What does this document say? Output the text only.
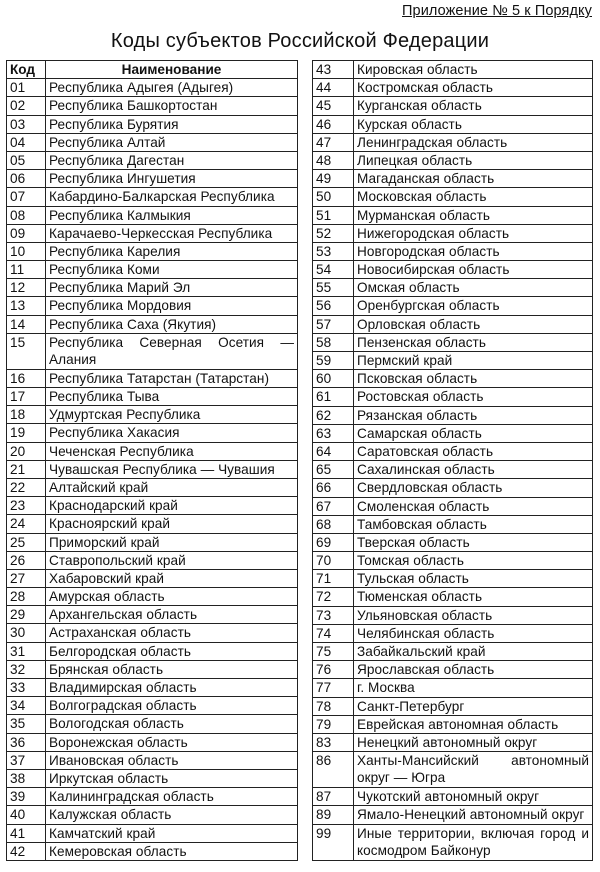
Приложение № 5 к Порядку
Коды субъектов Российской Федерации
Код	Наименование
01	Республика Адыгея (Адыгея)
02	Республика Башкортостан
03	Республика Бурятия
04	Республика Алтай
05	Республика Дагестан
06	Республика Ингушетия
07	Кабардино-Балкарская Республика
08	Республика Калмыкия
09	Карачаево-Черкесская Республика
10	Республика Карелия
11	Республика Коми
12	Республика Марий Эл
13	Республика Мордовия
14	Республика Саха (Якутия)
15	Республика Северная Осетия — Алания
16	Республика Татарстан (Татарстан)
17	Республика Тыва
18	Удмуртская Республика
19	Республика Хакасия
20	Чеченская Республика
21	Чувашская Республика — Чувашия
22	Алтайский край
23	Краснодарский край
24	Красноярский край
25	Приморский край
26	Ставропольский край
27	Хабаровский край
28	Амурская область
29	Архангельская область
30	Астраханская область
31	Белгородская область
32	Брянская область
33	Владимирская область
34	Волгоградская область
35	Вологодская область
36	Воронежская область
37	Ивановская область
38	Иркутская область
39	Калининградская область
40	Калужская область
41	Камчатский край
42	Кемеровская область
43	Кировская область
44	Костромская область
45	Курганская область
46	Курская область
47	Ленинградская область
48	Липецкая область
49	Магаданская область
50	Московская область
51	Мурманская область
52	Нижегородская область
53	Новгородская область
54	Новосибирская область
55	Омская область
56	Оренбургская область
57	Орловская область
58	Пензенская область
59	Пермский край
60	Псковская область
61	Ростовская область
62	Рязанская область
63	Самарская область
64	Саратовская область
65	Сахалинская область
66	Свердловская область
67	Смоленская область
68	Тамбовская область
69	Тверская область
70	Томская область
71	Тульская область
72	Тюменская область
73	Ульяновская область
74	Челябинская область
75	Забайкальский край
76	Ярославская область
77	г. Москва
78	Санкт-Петербург
79	Еврейская автономная область
83	Ненецкий автономный округ
86	Ханты-Мансийский автономный округ — Югра
87	Чукотский автономный округ
89	Ямало-Ненецкий автономный округ
99	Иные территории, включая город и космодром Байконур
